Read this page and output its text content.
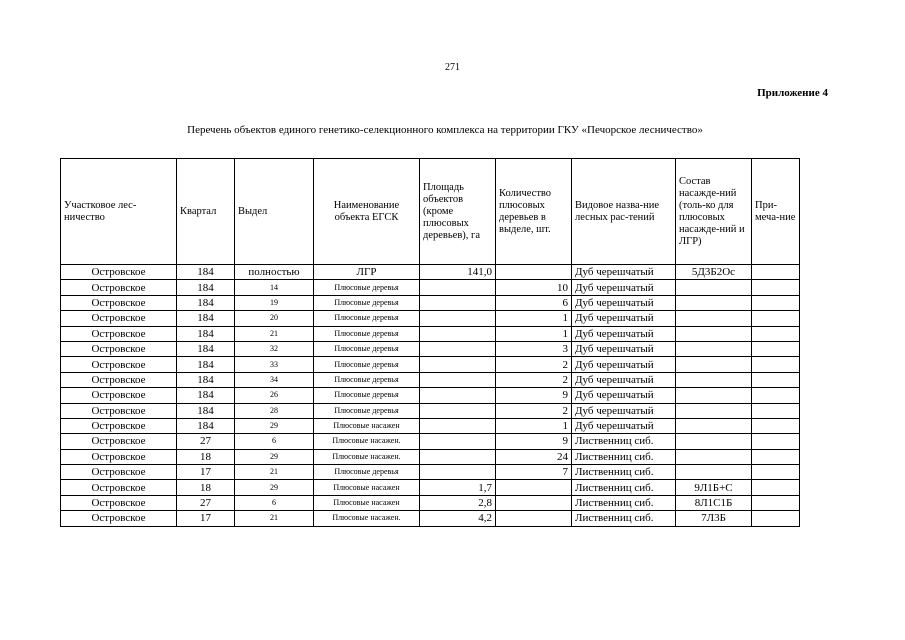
271
Приложение 4
Перечень объектов единого генетико-селекционного комплекса на территории ГКУ «Печорское лесничество»
Участковое лес-ничество	Квартал	Выдел	Наименование объекта ЕГСК	Площадь объектов (кроме плюсовых деревьев), га	Количество плюсовых деревьев в выделе, шт.	Видовое назва-ние лесных рас-тений	Состав насажде-ний (толь-ко для плюсовых насажде-ний и ЛГР)	При-меча-ние
Островское	184	полностью	ЛГР	141,0		Дуб черешчатый	5Д3Б2Ос	
Островское	184	14	Плюсовые деревья		10	Дуб черешчатый		
Островское	184	19	Плюсовые деревья		6	Дуб черешчатый		
Островское	184	20	Плюсовые деревья		1	Дуб черешчатый		
Островское	184	21	Плюсовые деревья		1	Дуб черешчатый		
Островское	184	32	Плюсовые деревья		3	Дуб черешчатый		
Островское	184	33	Плюсовые деревья		2	Дуб черешчатый		
Островское	184	34	Плюсовые деревья		2	Дуб черешчатый		
Островское	184	26	Плюсовые деревья		9	Дуб черешчатый		
Островское	184	28	Плюсовые деревья		2	Дуб черешчатый		
Островское	184	29	Плюсовые насажен		1	Дуб черешчатый		
Островское	27	6	Плюсовые насажен.		9	Лиственниц сиб.		
Островское	18	29	Плюсовые насажен.		24	Лиственниц сиб.		
Островское	17	21	Плюсовые деревья		7	Лиственниц сиб.		
Островское	18	29	Плюсовые насажен	1,7		Лиственниц сиб.	9Л1Б+С	
Островское	27	6	Плюсовые насажен	2,8		Лиственниц сиб.	8Л1С1Б	
Островское	17	21	Плюсовые насажен.	4,2		Лиственниц сиб.	7Л3Б	
